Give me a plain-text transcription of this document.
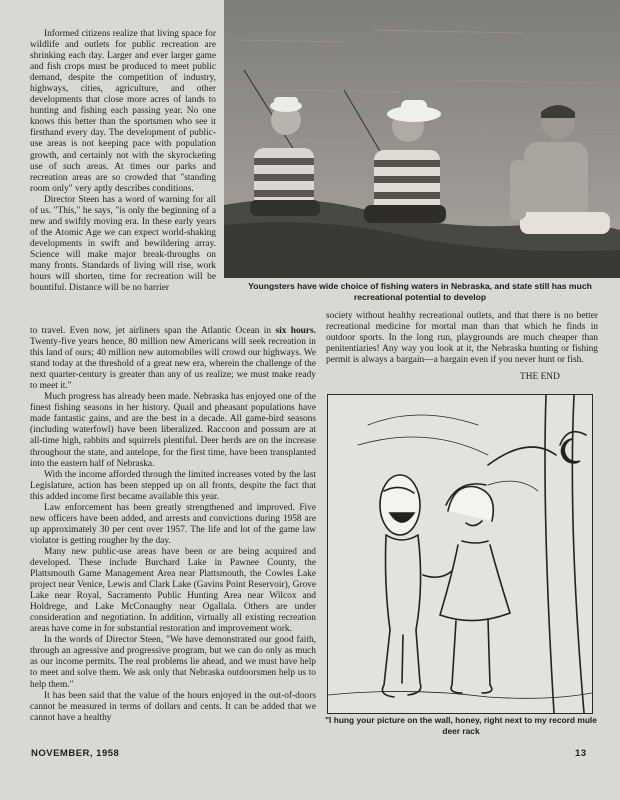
Informed citizens realize that living space for wildlife and outlets for public recreation are shrinking each day. Larger and ever larger game and fish crops must be produced to meet public demand, despite the competition of industry, highways, cities, agriculture, and other developments that close more acres of lands to hunting and fishing each passing year. No one knows this better than the sportsmen who see it firsthand every day. The development of public-use areas is not keeping pace with population growth, and certainly not with the skyrocketing use of such areas. At times our parks and recreation areas are so crowded that "standing room only" very aptly describes conditions.

Director Steen has a word of warning for all of us. "This," he says, "is only the beginning of a new and swiftly moving era. In these early years of the Atomic Age we can expect world-shaking developments in swift and bewildering array. Science will make major break-throughs on many fronts. Standards of living will rise, work hours will shorten, time for recreation will be bountiful. Distance will be no barrier	Youngsters have wide choice of fishing waters in Nebraska, and state still has much recreational potential to develop

to travel. Even now, jet airliners span the Atlantic Ocean in six hours. Twenty-five years hence, 80 million new Americans will seek recreation in this land of ours; 40 million new automobiles will crowd our highways. We stand today at the threshold of a great new era, wherein the challenge of the next quarter-century is greater than any of us realize; we must make ready to meet it."

Much progress has already been made. Nebraska has enjoyed one of the finest fishing seasons in her history. Quail and pheasant populations have made fantastic gains, and are the best in a decade. All game-bird seasons (including waterfowl) have been liberalized. Raccoon and possum are at all-time high, rabbits and squirrels plentiful. Deer herds are on the increase throughout the state, and antelope, for the first time, have been transplanted into the eastern half of Nebraska.

With the income afforded through the limited increases voted by the last Legislature, action has been stepped up on all fronts, despite the fact that this added income first became available this year.

Law enforcement has been greatly strengthened and improved. Five new officers have been added, and arrests and convictions during 1958 are up approximately 30 per cent over 1957. The life and lot of the game law violator is getting rougher by the day.

Many new public-use areas have been or are being acquired and developed. These include Burchard Lake in Pawnee County, the Plattsmouth Game Management Area near Plattsmouth, the Cowles Lake project near Venice, Lewis and Clark Lake (Gavins Point Reservoir), Grove Lake near Royal, Sacramento Public Hunting Area near Wilcox and Holdrege, and Lake McConaughy near Ogallala. Others are under consideration and negotiation. In addition, virtually all existing recreation areas have come in for substantial restoration and improvement work.

In the words of Director Steen, "We have demonstrated our good faith, through an agressive and progressive program, but we can do only as much as our income permits. The real problems lie ahead, and we must have help to meet and solve them. We ask only that Nebraska outdoorsmen help us to help them."

It has been said that the value of the hours enjoyed in the out-of-doors cannot be measured in terms of dollars and cents. It can be added that we cannot have a healthy

society without healthy recreational outlets, and that there is no better recreational medicine for mortal man than that which he finds in outdoor sports. In the long run, playgrounds are much cheaper than penitentiaries! Any way you look at it, the Nebraska hunting or fishing permit is always a bargain—a bargain even if you never hunt or fish.

THE END
"I hung your picture on the wall, honey, right next to my record mule deer rack
NOVEMBER, 1958	13
